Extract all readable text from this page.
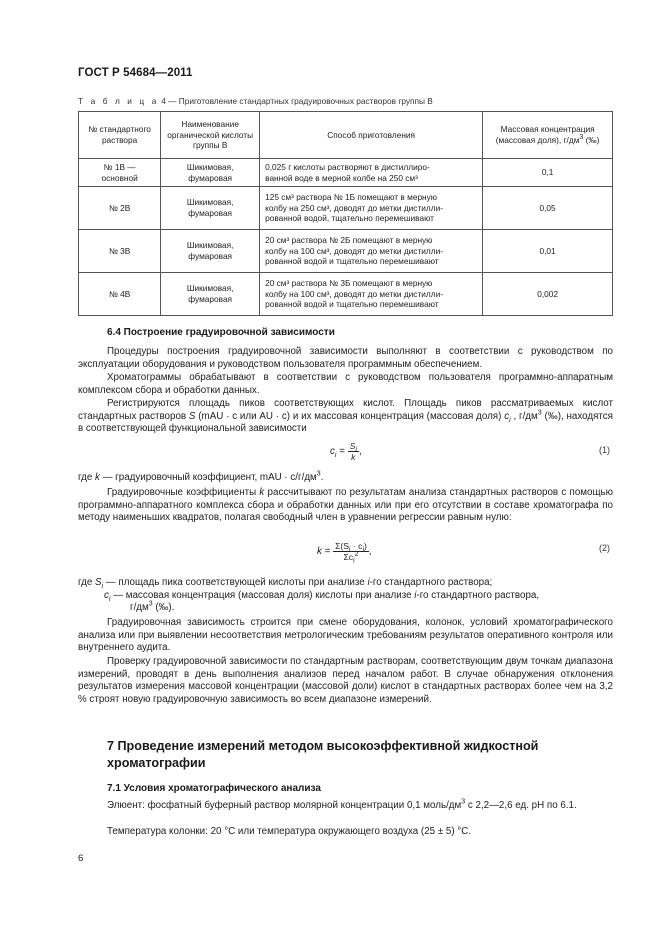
ГОСТ Р 54684—2011
Т а б л и ц а 4 — Приготовление стандартных градуировочных растворов группы В
№ стандартного раствора	Наименование органической кислоты группы В	Способ приготовления	Массовая концентрация (массовая доля), $г/дм^3$ (‰)

№ 1В —
основной	Шикимовая,
фумаровая	0,025 г кислоты растворяют в дистиллиро-
ванной воде в мерной колбе на 250 см³	0,1

№ 2В	Шикимовая,
фумаровая	125 см³ раствора № 1Б помещают в мерную
колбу на 250 см³, доводят до метки дистилли-
рованной водой, тщательно перемешивают	0,05

№ 3В	Шикимовая,
фумаровая	20 см³ раствора № 2Б помещают в мерную
колбу на 100 см³, доводят до метки дистилли-
рованной водой и тщательно перемешивают	0,01

№ 4В	Шикимовая,
фумаровая	20 см³ раствора № 3Б помещают в мерную
колбу на 100 см³, доводят до метки дистилли-
рованной водой и тщательно перемешивают	0,002
6.4 Построение градуировочной зависимости
Процедуры построения градуировочной зависимости выполняют в соответствии с руководством по эксплуатации оборудования и руководством пользователя программным обеспечением.
Хроматограммы обрабатывают в соответствии с руководством пользователя программно-аппаратным комплексом сбора и обработки данных.
Регистрируются площадь пиков соответствующих кислот. Площадь пиков рассматриваемых кислот стандартных растворов S (mAU · c или AU · c) и их массовая концентрация (массовая доля) $c_i$ , $г/дм^3$ (‰), находятся в соответствующей функциональной зависимости
$c_i = \frac{S_i}{k}$ ,	(1)
где k — градуировочный коэффициент, mAU · $c/г/дм^3$.
Градуировочные коэффициенты k рассчитывают по результатам анализа стандартных растворов с помощью программно-аппаратного комплекса сбора и обработки данных или при его отсутствии в составе хроматографа по методу наименьших квадратов, полагая свободный член в уравнении регрессии равным нулю:
$k = \frac{\Sigma(S_i \cdot c_i)}{\Sigma c_i^2}$ ,	(2)
где $S_i$ — площадь пика соответствующей кислоты при анализе i-го стандартного раствора;
$c_i$ — массовая концентрация (массовая доля) кислоты при анализе i-го стандартного раствора,
$г/дм^3$ (‰).
Градуировочная зависимость строится при смене оборудования, колонок, условий хроматографического анализа или при выявлении несоответствия метрологическим требованиям результатов оперативного контроля или внутреннего аудита.
Проверку градуировочной зависимости по стандартным растворам, соответствующим двум точкам диапазона измерений, проводят в день выполнения анализов перед началом работ. В случае обнаружения отклонения результатов измерения массовой концентрации (массовой доли) кислот в стандартных растворах более чем на 3,2 % строят новую градуировочную зависимость во всем диапазоне измерений.
7 Проведение измерений методом высокоэффективной жидкостной хроматографии
7.1 Условия хроматографического анализа
Элюент: фосфатный буферный раствор молярной концентрации 0,1 моль/$дм^3$ с 2,2—2,6 ед. pH по 6.1.
Температура колонки: 20 °С или температура окружающего воздуха (25 ± 5) °С.
6
